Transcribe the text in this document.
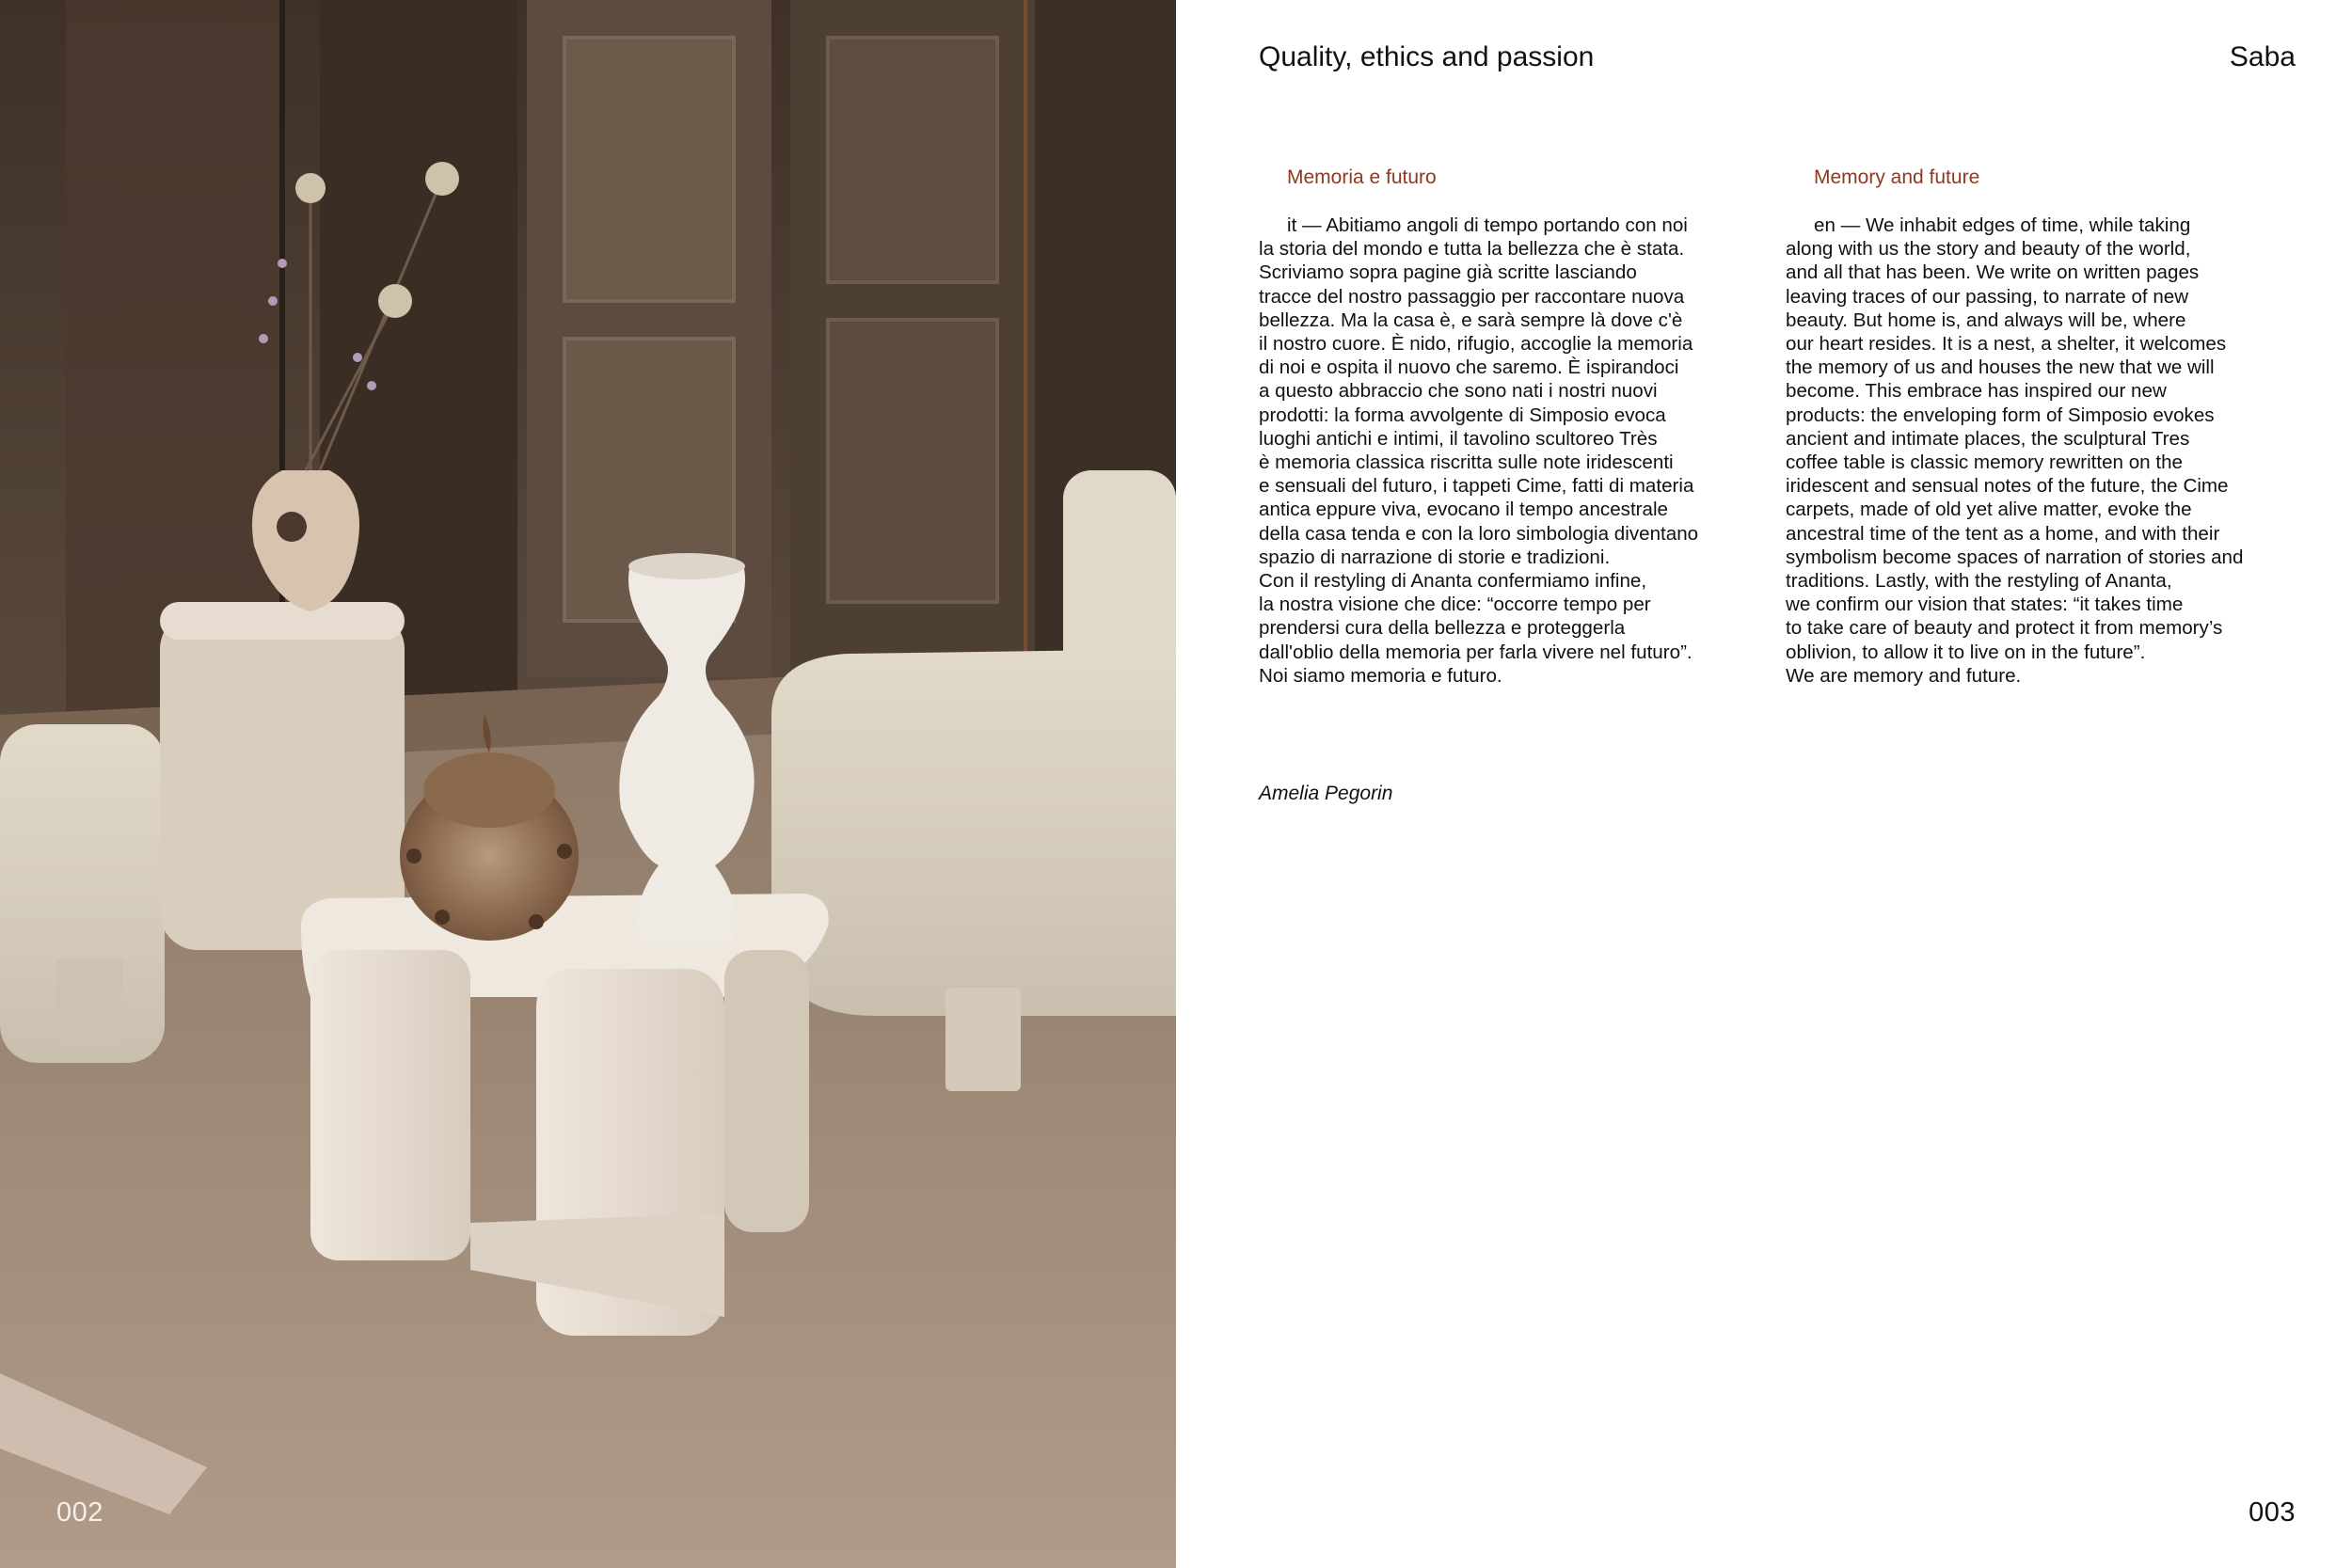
002
Quality, ethics and passion	Saba
Memoria e futuro

it — Abitiamo angoli di tempo portando con noi
la storia del mondo e tutta la bellezza che è stata.
Scriviamo sopra pagine già scritte lasciando
tracce del nostro passaggio per raccontare nuova
bellezza. Ma la casa è, e sarà sempre là dove c'è
il nostro cuore. È nido, rifugio, accoglie la memoria
di noi e ospita il nuovo che saremo. È ispirandoci
a questo abbraccio che sono nati i nostri nuovi
prodotti: la forma avvolgente di Simposio evoca
luoghi antichi e intimi, il tavolino scultoreo Très
è memoria classica riscritta sulle note iridescenti
e sensuali del futuro, i tappeti Cime, fatti di materia
antica eppure viva, evocano il tempo ancestrale
della casa tenda e con la loro simbologia diventano
spazio di narrazione di storie e tradizioni.
Con il restyling di Ananta confermiamo infine,
la nostra visione che dice: “occorre tempo per
prendersi cura della bellezza e proteggerla
dall'oblio della memoria per farla vivere nel futuro”.
Noi siamo memoria e futuro.

Memory and future

en — We inhabit edges of time, while taking
along with us the story and beauty of the world,
and all that has been. We write on written pages
leaving traces of our passing, to narrate of new
beauty. But home is, and always will be, where
our heart resides. It is a nest, a shelter, it welcomes
the memory of us and houses the new that we will
become. This embrace has inspired our new
products: the enveloping form of Simposio evokes
ancient and intimate places, the sculptural Tres
coffee table is classic memory rewritten on the
iridescent and sensual notes of the future, the Cime
carpets, made of old yet alive matter, evoke the
ancestral time of the tent as a home, and with their
symbolism become spaces of narration of stories and
traditions. Lastly, with the restyling of Ananta,
we confirm our vision that states: “it takes time
to take care of beauty and protect it from memory’s
oblivion, to allow it to live on in the future”.
We are memory and future.

Amelia Pegorin
003
